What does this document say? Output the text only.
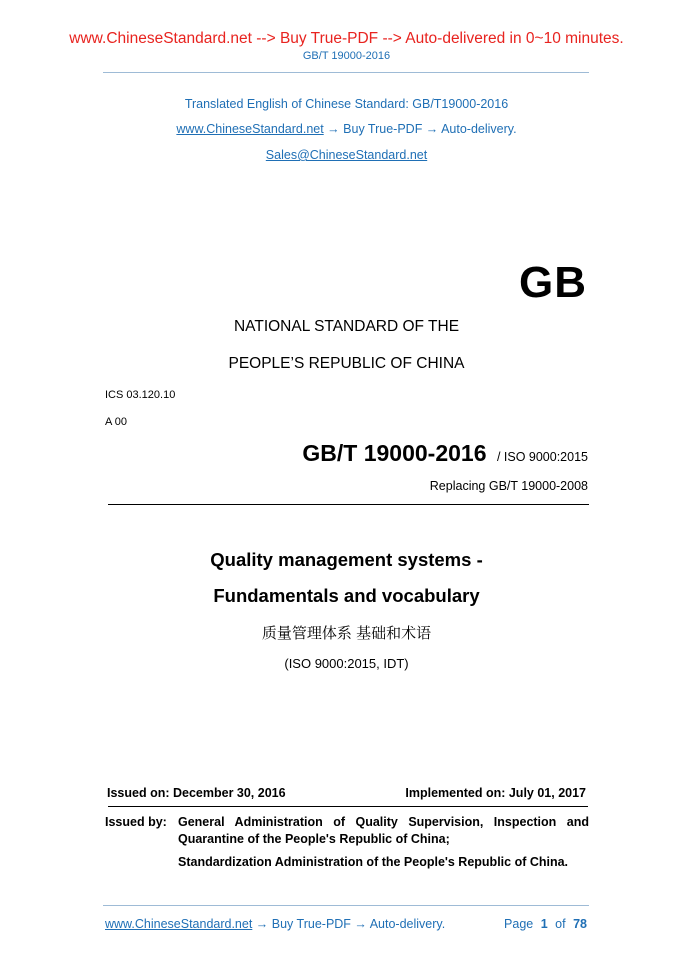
www.ChineseStandard.net --> Buy True-PDF --> Auto-delivered in 0~10 minutes.
GB/T 19000-2016
Translated English of Chinese Standard: GB/T19000-2016
www.ChineseStandard.net → Buy True-PDF → Auto-delivery.
Sales@ChineseStandard.net
GB
NATIONAL STANDARD OF THE
PEOPLE’S REPUBLIC OF CHINA
ICS 03.120.10
A 00
GB/T 19000-2016 / ISO 9000:2015
Replacing GB/T 19000-2008
Quality management systems -
Fundamentals and vocabulary
质量管理体系 基础和术语
(ISO 9000:2015, IDT)
Issued on: December 30, 2016	Implemented on: July 01, 2017
Issued by: General Administration of Quality Supervision, Inspection and Quarantine of the People's Republic of China;

Standardization Administration of the People's Republic of China.

www.ChineseStandard.net → Buy True-PDF → Auto-delivery.	Page 1 of 78
